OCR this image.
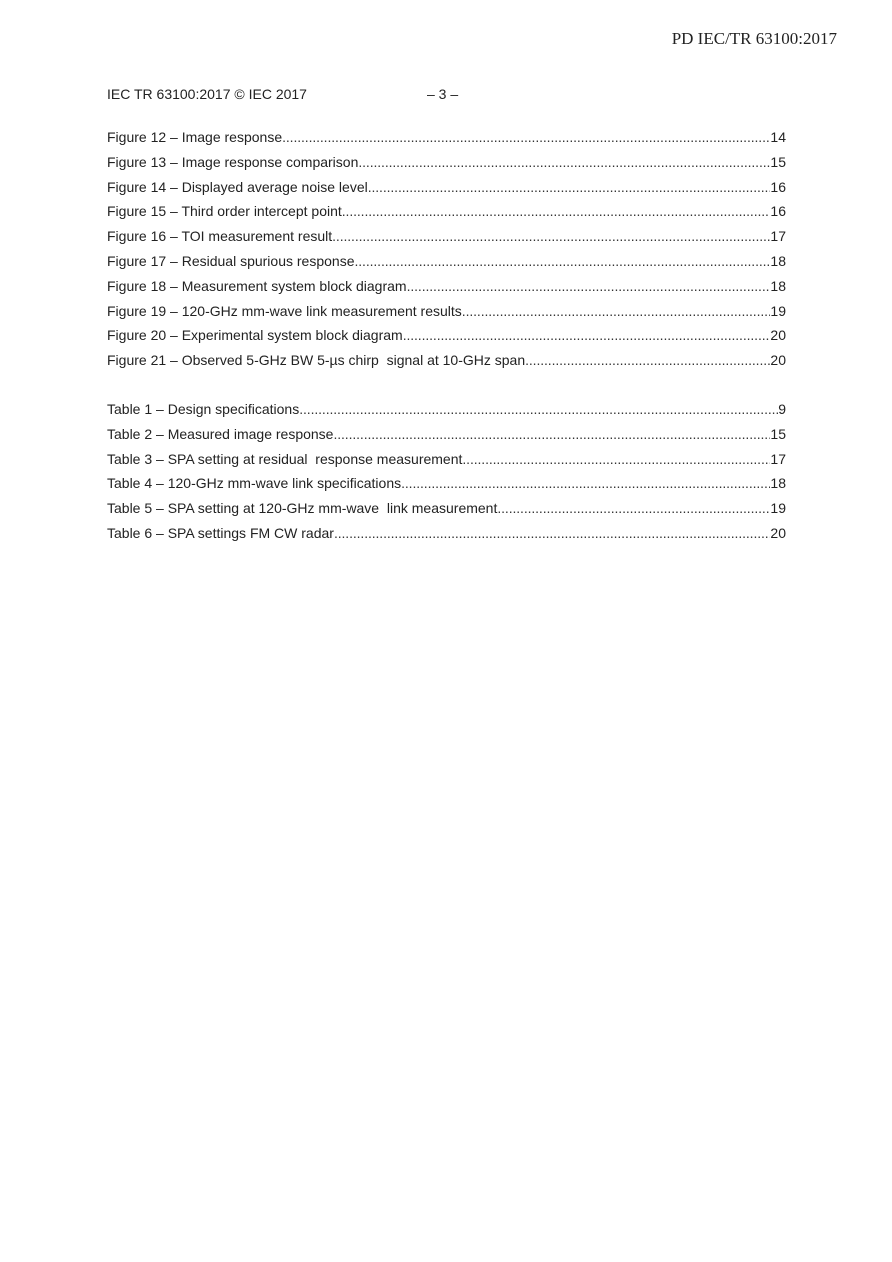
PD IEC/TR 63100:2017
IEC TR 63100:2017 © IEC 2017	– 3 –
Figure 12 – Image response . . .	14
Figure 13 – Image response comparison . . .	15
Figure 14 – Displayed average noise level . . .	16
Figure 15 – Third order intercept point . . .	16
Figure 16 – TOI measurement result . . .	17
Figure 17 – Residual spurious response . . .	18
Figure 18 – Measurement system block diagram . . .	18
Figure 19 – 120-GHz mm-wave link measurement results . . .	19
Figure 20 – Experimental system block diagram . . .	20
Figure 21 – Observed 5-GHz BW 5-µs chirp  signal at 10-GHz span . . .	20
Table 1 – Design specifications . . .	9
Table 2 – Measured image response . . .	15
Table 3 – SPA setting at residual  response measurement . . .	17
Table 4 – 120-GHz mm-wave link specifications . . .	18
Table 5 – SPA setting at 120-GHz mm-wave  link measurement . . .	19
Table 6 – SPA settings FM CW radar . . .	20
